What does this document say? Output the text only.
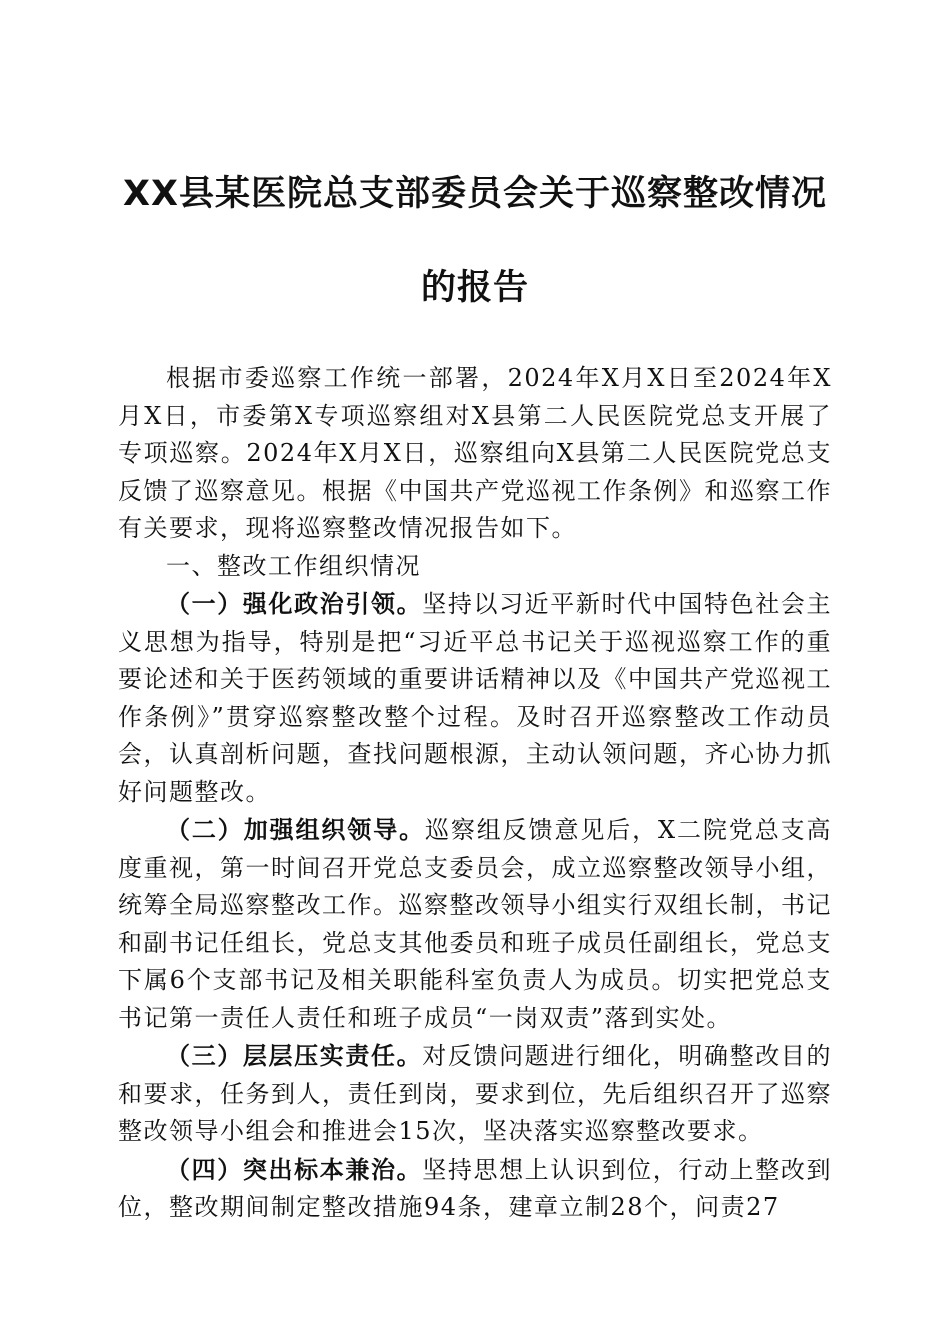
XX县某医院总支部委员会关于巡察整改情况
的报告

根据市委巡察工作统一部署，2024年X月X日至2024年X月X日，市委第X专项巡察组对X县第二人民医院党总支开展了专项巡察。2024年X月X日，巡察组向X县第二人民医院党总支反馈了巡察意见。根据《中国共产党巡视工作条例》和巡察工作有关要求，现将巡察整改情况报告如下。

一、整改工作组织情况

（一）强化政治引领。坚持以习近平新时代中国特色社会主义思想为指导，特别是把“习近平总书记关于巡视巡察工作的重要论述和关于医药领域的重要讲话精神以及《中国共产党巡视工作条例》”贯穿巡察整改整个过程。及时召开巡察整改工作动员会，认真剖析问题，查找问题根源，主动认领问题，齐心协力抓好问题整改。

（二）加强组织领导。巡察组反馈意见后，X二院党总支高度重视，第一时间召开党总支委员会，成立巡察整改领导小组，统筹全局巡察整改工作。巡察整改领导小组实行双组长制，书记和副书记任组长，党总支其他委员和班子成员任副组长，党总支下属6个支部书记及相关职能科室负责人为成员。切实把党总支书记第一责任人责任和班子成员“一岗双责”落到实处。

（三）层层压实责任。对反馈问题进行细化，明确整改目的和要求，任务到人，责任到岗，要求到位，先后组织召开了巡察整改领导小组会和推进会15次，坚决落实巡察整改要求。

（四）突出标本兼治。坚持思想上认识到位，行动上整改到位，整改期间制定整改措施94条，建章立制28个，问责27
